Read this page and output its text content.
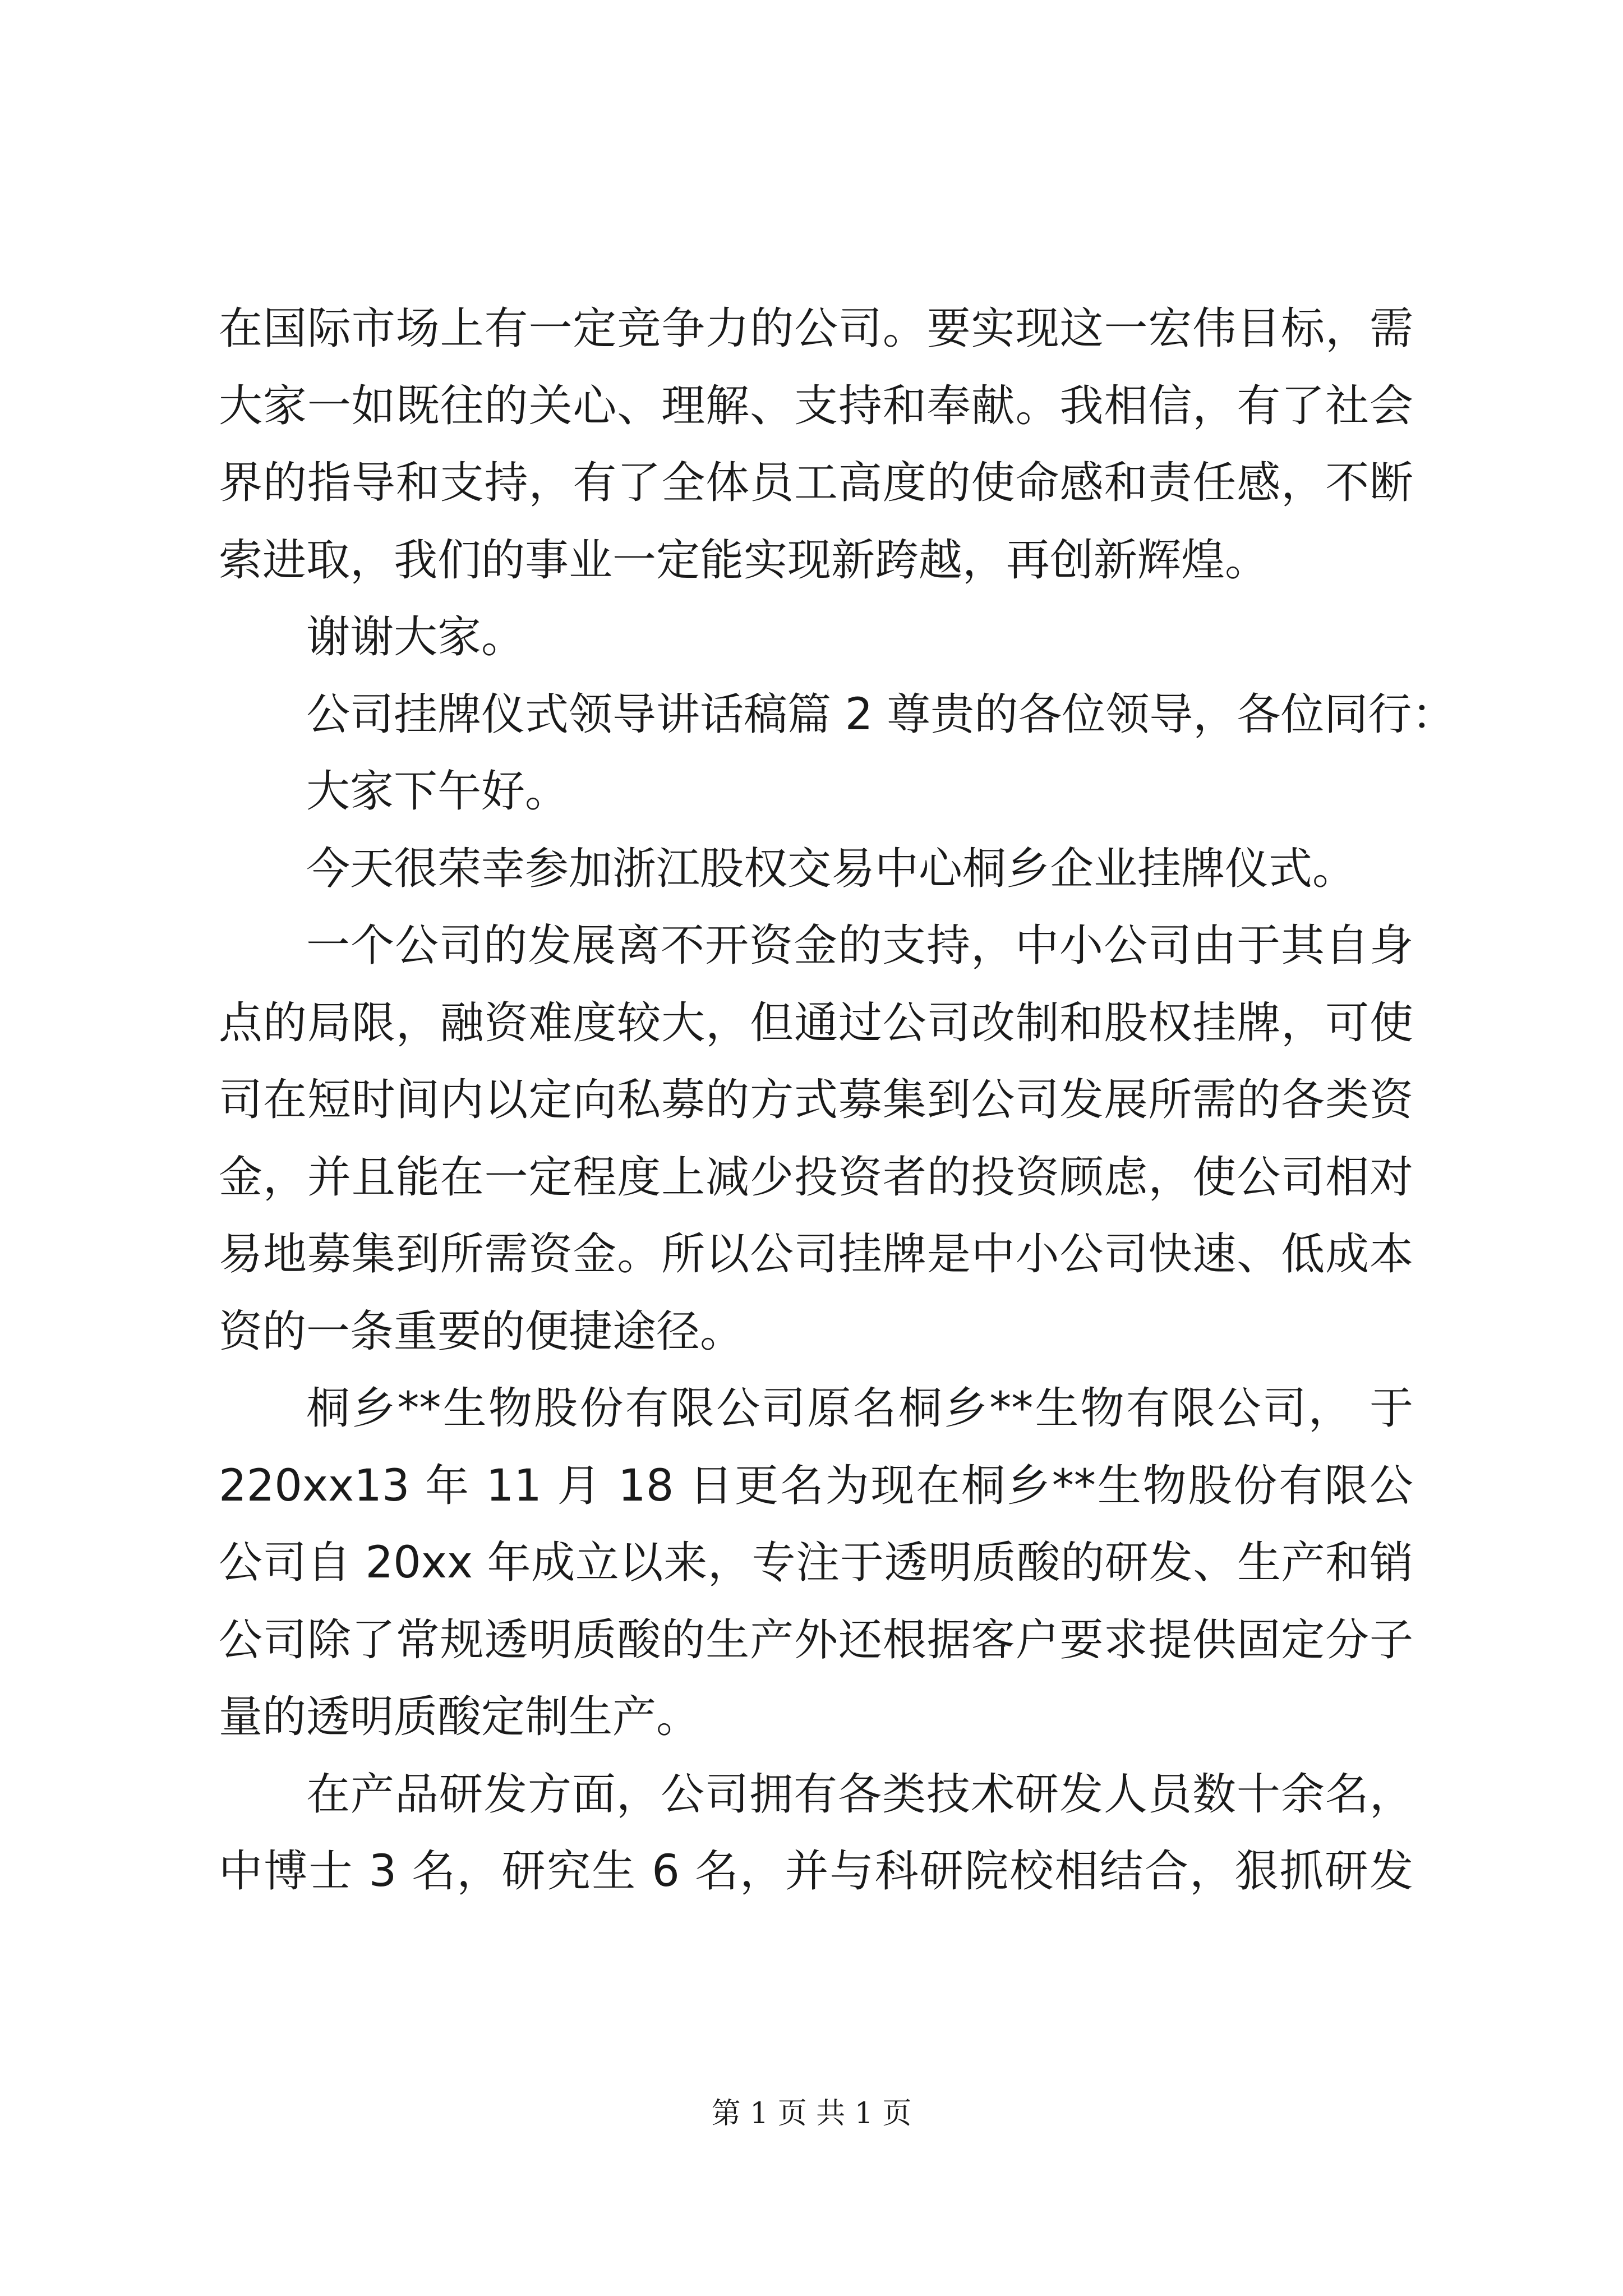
在国际市场上有一定竞争力的公司。要实现这一宏伟目标，需
大家一如既往的关心、理解、支持和奉献。我相信，有了社会
界的指导和支持，有了全体员工高度的使命感和责任感，不断
索进取，我们的事业一定能实现新跨越，再创新辉煌。
谢谢大家。
公司挂牌仪式领导讲话稿篇 2 尊贵的各位领导，各位同行：
大家下午好。
今天很荣幸参加浙江股权交易中心桐乡企业挂牌仪式。
一个公司的发展离不开资金的支持，中小公司由于其自身
点的局限，融资难度较大，但通过公司改制和股权挂牌，可使
司在短时间内以定向私募的方式募集到公司发展所需的各类资
金，并且能在一定程度上减少投资者的投资顾虑，使公司相对
易地募集到所需资金。所以公司挂牌是中小公司快速、低成本
资的一条重要的便捷途径。
桐乡**生物股份有限公司原名桐乡**生物有限公司， 于
220xx13 年 11 月 18 日更名为现在桐乡**生物股份有限公
公司自 20xx 年成立以来，专注于透明质酸的研发、生产和销
公司除了常规透明质酸的生产外还根据客户要求提供固定分子
量的透明质酸定制生产。
在产品研发方面，公司拥有各类技术研发人员数十余名，
中博士 3 名，研究生 6 名，并与科研院校相结合，狠抓研发
第 1 页 共 1 页
